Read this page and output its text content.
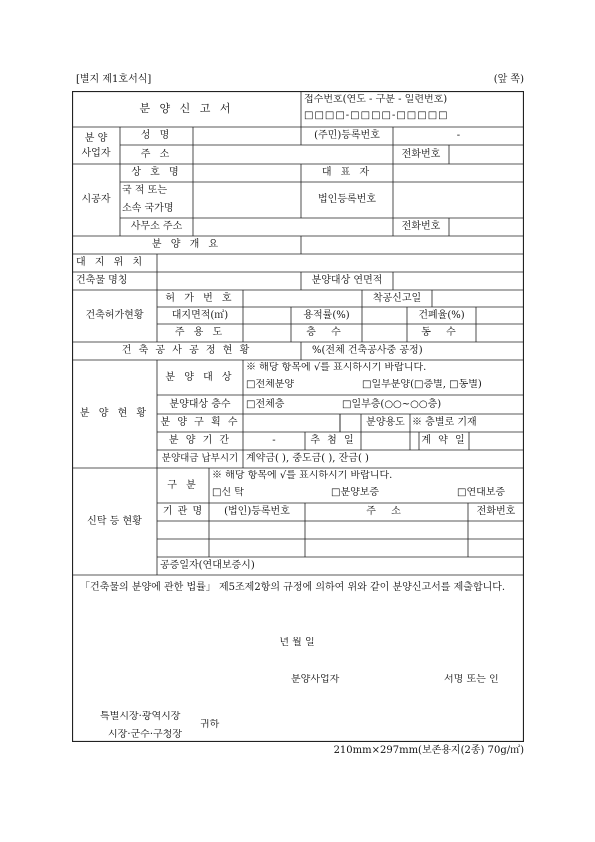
[별지 제1호서식]	(앞 쪽)
분 양 신 고 서
접수번호(연도 - 구분 - 일련번호)
□□□□-□□□□-□□□□□
분 양
사업자
성 명	(주민)등록번호	-
주 소	전화번호
시공자
상 호 명	대 표 자
국 적 또는
소속 국가명
법인등록번호
사무소 주소	전화번호
분 양 개 요
대 지 위 치
건축물 명칭	분양대상 연면적
건축허가현황
허 가 번 호	착공신고일
대지면적(㎡)	용적률(%)	건폐율(%)
주 용 도	층 수	동 수
건 축 공 사 공 정 현 황	%(전체 건축공사중 공정)
분 양 현 황
분 양 대 상
※ 해당 항목에 √를 표시하시기 바랍니다.
□전체분양	□일부분양(□층별, □동별)
분양대상 층수	□전체층	□일부층(○○~○○층)
분 양 구 획 수	분양용도 ※ 층별로 기재
분 양 기 간	-	추 첨 일	계 약 일
분양대금 납부시기 계약금( ), 중도금( ), 잔금( )
신탁 등 현황
구 분
※ 해당 항목에 √를 표시하시기 바랍니다.
□신 탁	□분양보증	□연대보증
기 관 명	(법인)등록번호	주 소	전화번호
공증일자(연대보증시)
「건축물의 분양에 관한 법률」 제5조제2항의 규정에 의하여 위와 같이 분양신고서를 제출합니다.
년 월 일
분양사업자	서명 또는 인
특별시장·광역시장
시장·군수·구청장
귀하
210mm×297mm(보존용지(2종) 70g/㎡)
